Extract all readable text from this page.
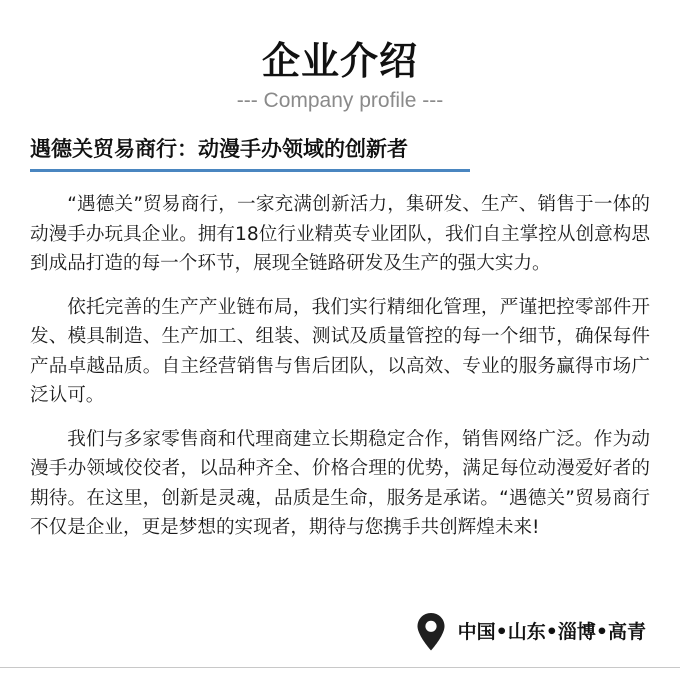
企业介绍
--- Company profile ---
遇德关贸易商行：动漫手办领域的创新者

“遇德关”贸易商行，一家充满创新活力，集研发、生产、销售于一体的动漫手办玩具企业。拥有18位行业精英专业团队，我们自主掌控从创意构思到成品打造的每一个环节，展现全链路研发及生产的强大实力。

依托完善的生产产业链布局，我们实行精细化管理，严谨把控零部件开发、模具制造、生产加工、组装、测试及质量管控的每一个细节，确保每件产品卓越品质。自主经营销售与售后团队，以高效、专业的服务赢得市场广泛认可。

我们与多家零售商和代理商建立长期稳定合作，销售网络广泛。作为动漫手办领域佼佼者，以品种齐全、价格合理的优势，满足每位动漫爱好者的期待。在这里，创新是灵魂，品质是生命，服务是承诺。“遇德关”贸易商行不仅是企业，更是梦想的实现者，期待与您携手共创辉煌未来!

中国•山东•淄博•高青
